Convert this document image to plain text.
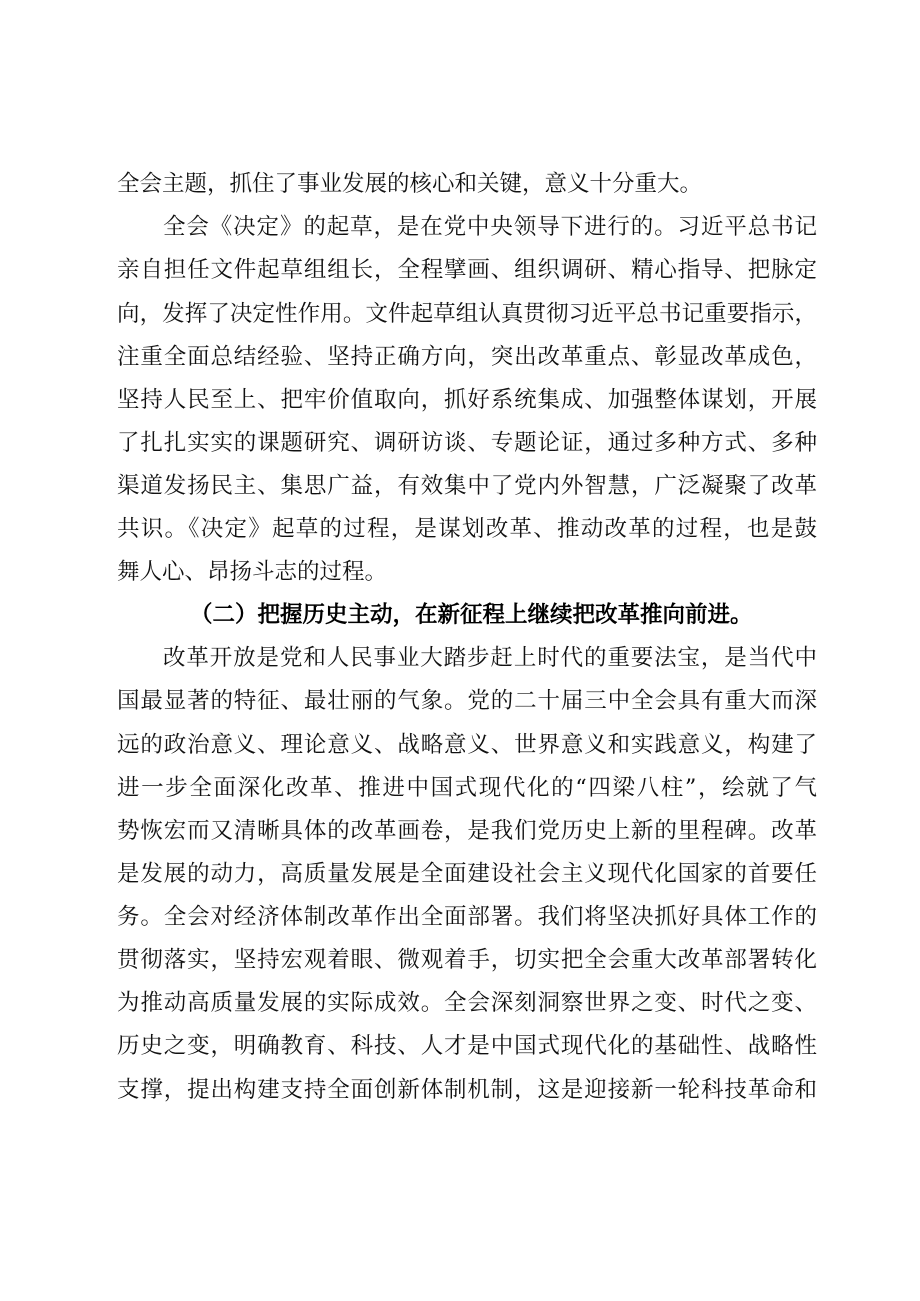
全会主题，抓住了事业发展的核心和关键，意义十分重大。

全会《决定》的起草，是在党中央领导下进行的。习近平总书记

亲自担任文件起草组组长，全程擘画、组织调研、精心指导、把脉定

向，发挥了决定性作用。文件起草组认真贯彻习近平总书记重要指示，

注重全面总结经验、坚持正确方向，突出改革重点、彰显改革成色，

坚持人民至上、把牢价值取向，抓好系统集成、加强整体谋划，开展

了扎扎实实的课题研究、调研访谈、专题论证，通过多种方式、多种

渠道发扬民主、集思广益，有效集中了党内外智慧，广泛凝聚了改革

共识。《决定》起草的过程，是谋划改革、推动改革的过程，也是鼓

舞人心、昂扬斗志的过程。

（二）把握历史主动，在新征程上继续把改革推向前进。

改革开放是党和人民事业大踏步赶上时代的重要法宝，是当代中

国最显著的特征、最壮丽的气象。党的二十届三中全会具有重大而深

远的政治意义、理论意义、战略意义、世界意义和实践意义，构建了

进一步全面深化改革、推进中国式现代化的“四梁八柱”，绘就了气

势恢宏而又清晰具体的改革画卷，是我们党历史上新的里程碑。改革

是发展的动力，高质量发展是全面建设社会主义现代化国家的首要任

务。全会对经济体制改革作出全面部署。我们将坚决抓好具体工作的

贯彻落实，坚持宏观着眼、微观着手，切实把全会重大改革部署转化

为推动高质量发展的实际成效。全会深刻洞察世界之变、时代之变、

历史之变，明确教育、科技、人才是中国式现代化的基础性、战略性

支撑，提出构建支持全面创新体制机制，这是迎接新一轮科技革命和
